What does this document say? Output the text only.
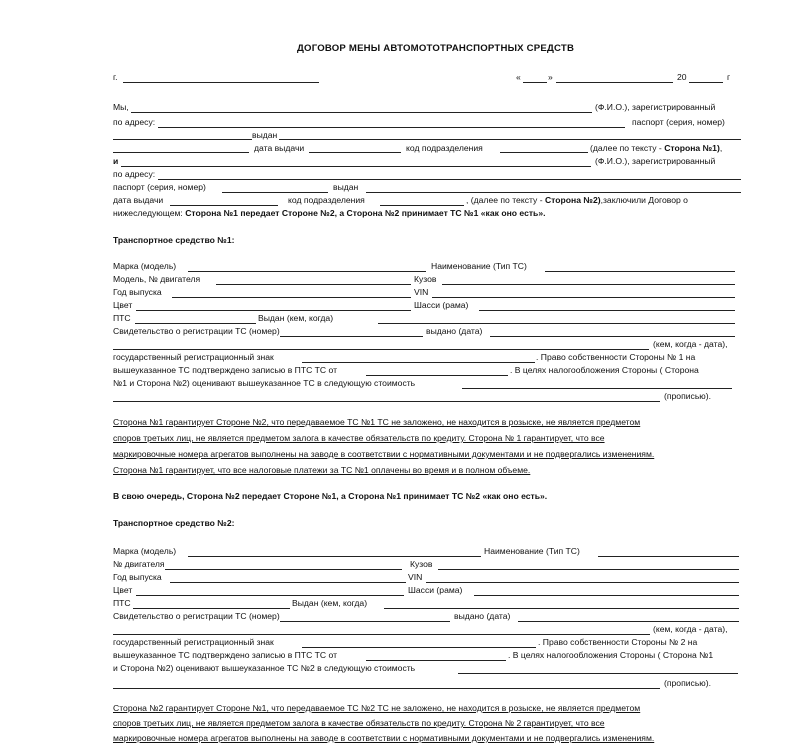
ДОГОВОР МЕНЫ АВТОМОТОТРАНСПОРТНЫХ СРЕДСТВ
г.	«	»	20	г
Мы,	(Ф.И.О.), зарегистрированный
по адресу:	паспорт (серия, номер)
выдан
дата выдачи	код подразделения	(далее по тексту - Сторона №1),
и	(Ф.И.О.), зарегистрированный
по адресу:
паспорт (серия, номер)	выдан
дата выдачи	код подразделения	, (далее по тексту - Сторона №2),заключили Договор о
нижеследующем: Сторона №1 передает Стороне №2, а Сторона №2 принимает ТС №1 «как оно есть».
Транспортное средство №1:
Марка (модель)	Наименование (Тип ТС)
Модель, № двигателя	Кузов
Год выпуска	VIN
Цвет	Шасси (рама)
ПТС	Выдан (кем, когда)
Свидетельство о регистрации ТС (номер)	выдано (дата)
(кем, когда - дата),
государственный регистрационный знак	. Право собственности Стороны № 1 на
вышеуказанное ТС подтверждено записью в ПТС ТС от	. В целях налогообложения Стороны ( Сторона
№1 и Сторона №2) оценивают вышеуказанное ТС в следующую стоимость
(прописью).
Сторона №1 гарантирует Стороне №2, что передаваемое ТС №1 ТС не заложено, не находится в розыске, не является предметом
споров третьих лиц, не является предметом залога в качестве обязательств по кредиту. Сторона № 1 гарантирует, что все
маркировочные номера агрегатов выполнены на заводе в соответствии с нормативными документами и не подвергались изменениям.
Сторона №1 гарантирует, что все налоговые платежи за ТС №1 оплачены во время и в полном объеме.
В свою очередь, Сторона №2 передает Стороне №1, а Сторона №1 принимает ТС №2 «как оно есть».
Транспортное средство №2:
Марка (модель)	Наименование (Тип ТС)
№ двигателя	Кузов
Год выпуска	VIN
Цвет	Шасси (рама)
ПТС	Выдан (кем, когда)
Свидетельство о регистрации ТС (номер)	выдано (дата)
(кем, когда - дата),
государственный регистрационный знак	. Право собственности Стороны № 2 на
вышеуказанное ТС подтверждено записью в ПТС ТС от	. В целях налогообложения Стороны ( Сторона №1
и Сторона №2) оценивают вышеуказанное ТС №2 в следующую стоимость
(прописью).
Сторона №2 гарантирует Стороне №1, что передаваемое ТС №2 ТС не заложено, не находится в розыске, не является предметом
споров третьих лиц, не является предметом залога в качестве обязательств по кредиту. Сторона № 2 гарантирует, что все
маркировочные номера агрегатов выполнены на заводе в соответствии с нормативными документами и не подвергались изменениям.
